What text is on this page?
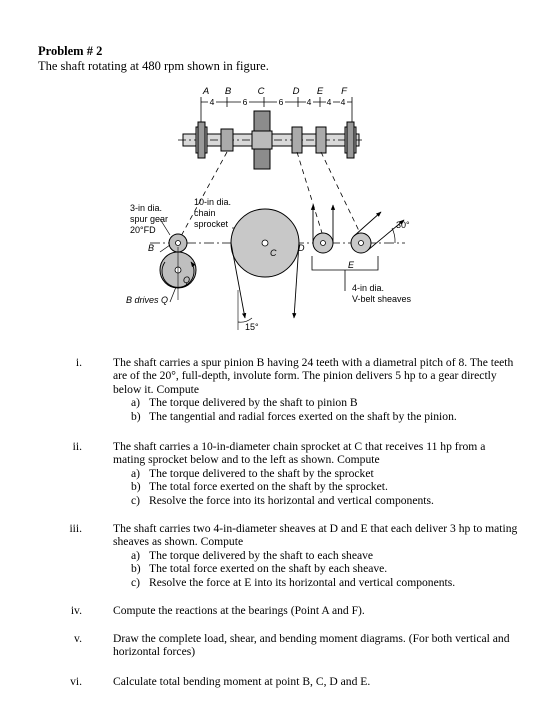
Problem # 2
The shaft rotating at 480 rpm shown in figure.
A B	C	D E F
4	6	6	4 4 4
3-in dia.
spur gear
20°FD
10-in dia.
chain
sprocket
4-in dia.
V-belt sheaves
B drives Q
B	C D
E
Q
15°
30°
i.	The shaft carries a spur pinion B having 24 teeth with a diametral pitch of 8. The teeth are of the 20°, full-depth, involute form. The pinion delivers 5 hp to a gear directly below it. Compute
a) The torque delivered by the shaft to pinion B
b) The tangential and radial forces exerted on the shaft by the pinion.
ii.	The shaft carries a 10-in-diameter chain sprocket at C that receives 11 hp from a mating sprocket below and to the left as shown. Compute
a) The torque delivered to the shaft by the sprocket
b) The total force exerted on the shaft by the sprocket.
c) Resolve the force into its horizontal and vertical components.
iii.	The shaft carries two 4-in-diameter sheaves at D and E that each deliver 3 hp to mating sheaves as shown. Compute
a) The torque delivered by the shaft to each sheave
b) The total force exerted on the shaft by each sheave.
c) Resolve the force at E into its horizontal and vertical components.
iv.	Compute the reactions at the bearings (Point A and F).
v.	Draw the complete load, shear, and bending moment diagrams. (For both vertical and horizontal forces)
vi.	Calculate total bending moment at point B, C, D and E.
